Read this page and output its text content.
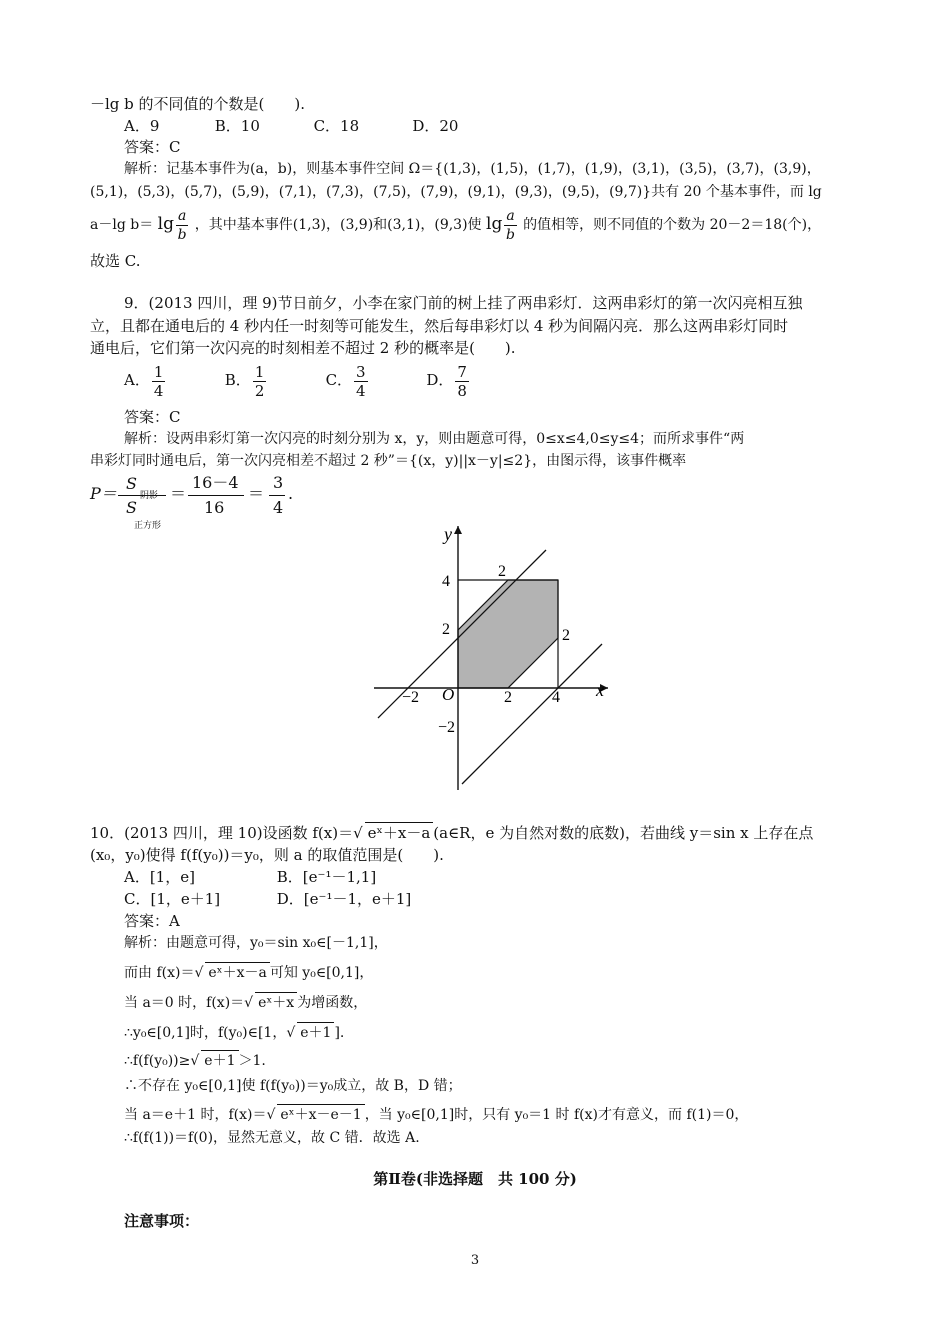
－lg b 的不同值的个数是(　　).
A．9	B．10	C．18	D．20
答案：C
解析：记基本事件为(a，b)，则基本事件空间 Ω＝{(1,3)，(1,5)，(1,7)，(1,9)，(3,1)，(3,5)，(3,7)，(3,9)，
(5,1)，(5,3)，(5,7)，(5,9)，(7,1)，(7,3)，(7,5)，(7,9)，(9,1)，(9,3)，(9,5)，(9,7)}共有 20 个基本事件，而 lg
a－lg $b= \lg \frac{a}{b}$ ，其中基本事件(1,3)，(3,9)和(3,1)，(9,3)使 $\lg \frac{a}{b}$ 的值相等，则不同值的个数为 20－2＝18(个)，
故选 C.
9．(2013 四川，理 9)节日前夕，小李在家门前的树上挂了两串彩灯．这两串彩灯的第一次闪亮相互独
立，且都在通电后的 4 秒内任一时刻等可能发生，然后每串彩灯以 4 秒为间隔闪亮．那么这两串彩灯同时
通电后，它们第一次闪亮的时刻相差不超过 2 秒的概率是(　　).
A． $\frac{1}{4}$	B． $\frac{1}{2}$	C． $\frac{3}{4}$	D． $\frac{7}{8}$
答案：C
解析：设两串彩灯第一次闪亮的时刻分别为 x，y，则由题意可得，0≤x≤4,0≤y≤4；而所求事件“两
串彩灯同时通电后，第一次闪亮相差不超过 2 秒”＝{(x，y)||x－y|≤2}，由图示得，该事件概率
P＝
S
阴影
S
正方形
＝
16－4
16
＝
3
4
.
y
x
O
4
2
2
2
4
−2
−2
2
10．(2013 四川，理 10)设函数 f(x)＝ √ eˣ＋x－a (a∈R，e 为自然对数的底数)，若曲线 y＝sin x 上存在点
(x₀，y₀)使得 f(f(y₀))＝y₀，则 a 的取值范围是(　　).
A．[1，e]	B．[e⁻¹－1,1]
C．[1，e＋1]	D．[e⁻¹－1，e＋1]
答案：A
解析：由题意可得，y₀＝sin x₀∈[－1,1]，
而由 f(x)＝ √ eˣ＋x－a 可知 y₀∈[0,1]，
当 a＝0 时，f(x)＝ √ eˣ＋x 为增函数，
∴y₀∈[0,1]时，f(y₀)∈[1， √ e＋1 ].
∴f(f(y₀))≥ √ e＋1 ＞1.
∴不存在 y₀∈[0,1]使 f(f(y₀))＝y₀成立，故 B，D 错；
当 a＝e＋1 时，f(x)＝ √ eˣ＋x－e－1 ，当 y₀∈[0,1]时，只有 y₀＝1 时 f(x)才有意义，而 f(1)＝0，
∴f(f(1))＝f(0)，显然无意义，故 C 错．故选 A.
第Ⅱ卷(非选择题　共 100 分)
注意事项：
3
